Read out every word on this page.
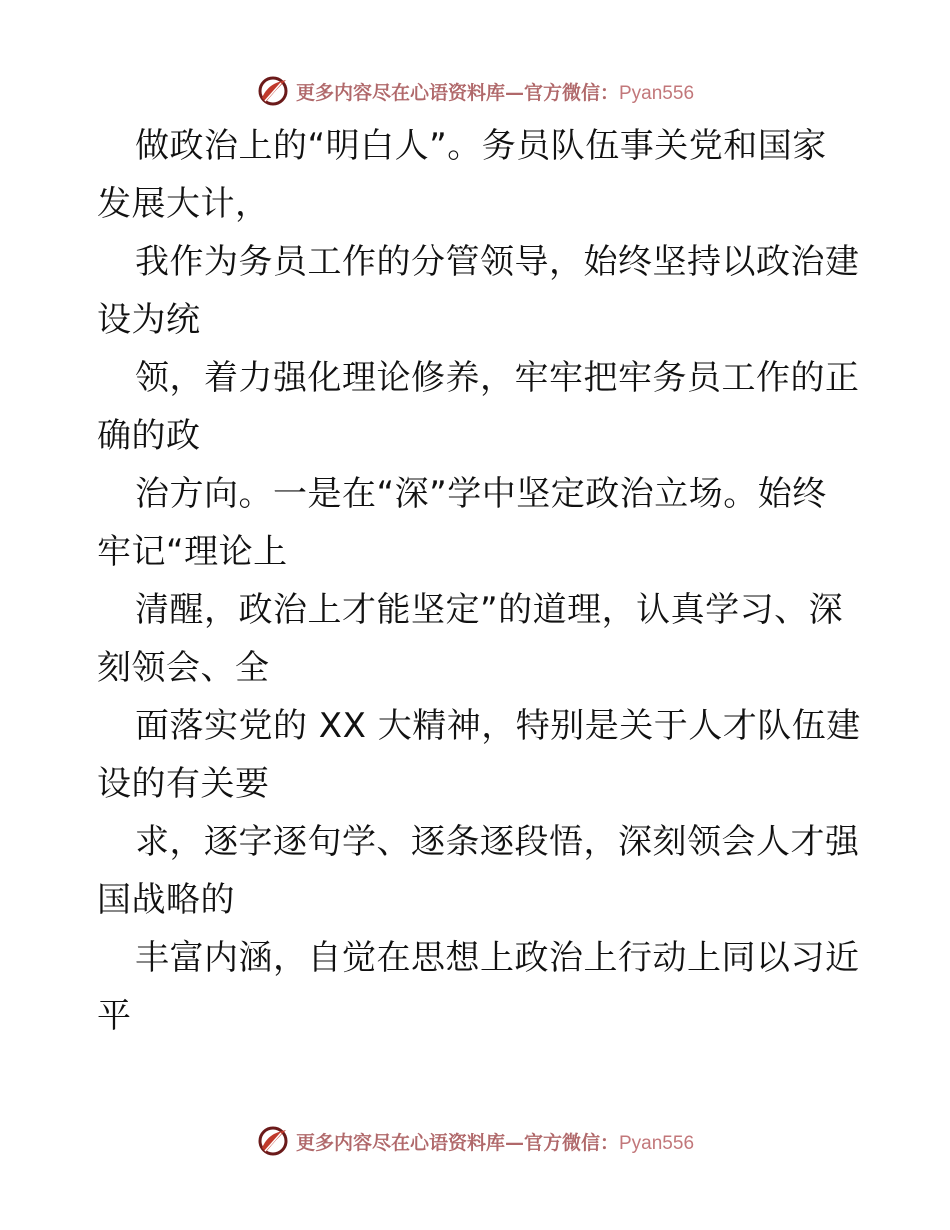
更多内容尽在心语资料库—官方微信：Pyan556
做政治上的“明白人”。务员队伍事关党和国家
发展大计，
我作为务员工作的分管领导，始终坚持以政治建
设为统
领，着力强化理论修养，牢牢把牢务员工作的正
确的政
治方向。一是在“深”学中坚定政治立场。始终
牢记“理论上
清醒，政治上才能坚定”的道理，认真学习、深
刻领会、全
面落实党的 XX 大精神，特别是关于人才队伍建
设的有关要
求，逐字逐句学、逐条逐段悟，深刻领会人才强
国战略的
丰富内涵，自觉在思想上政治上行动上同以习近
平
更多内容尽在心语资料库—官方微信：Pyan556
